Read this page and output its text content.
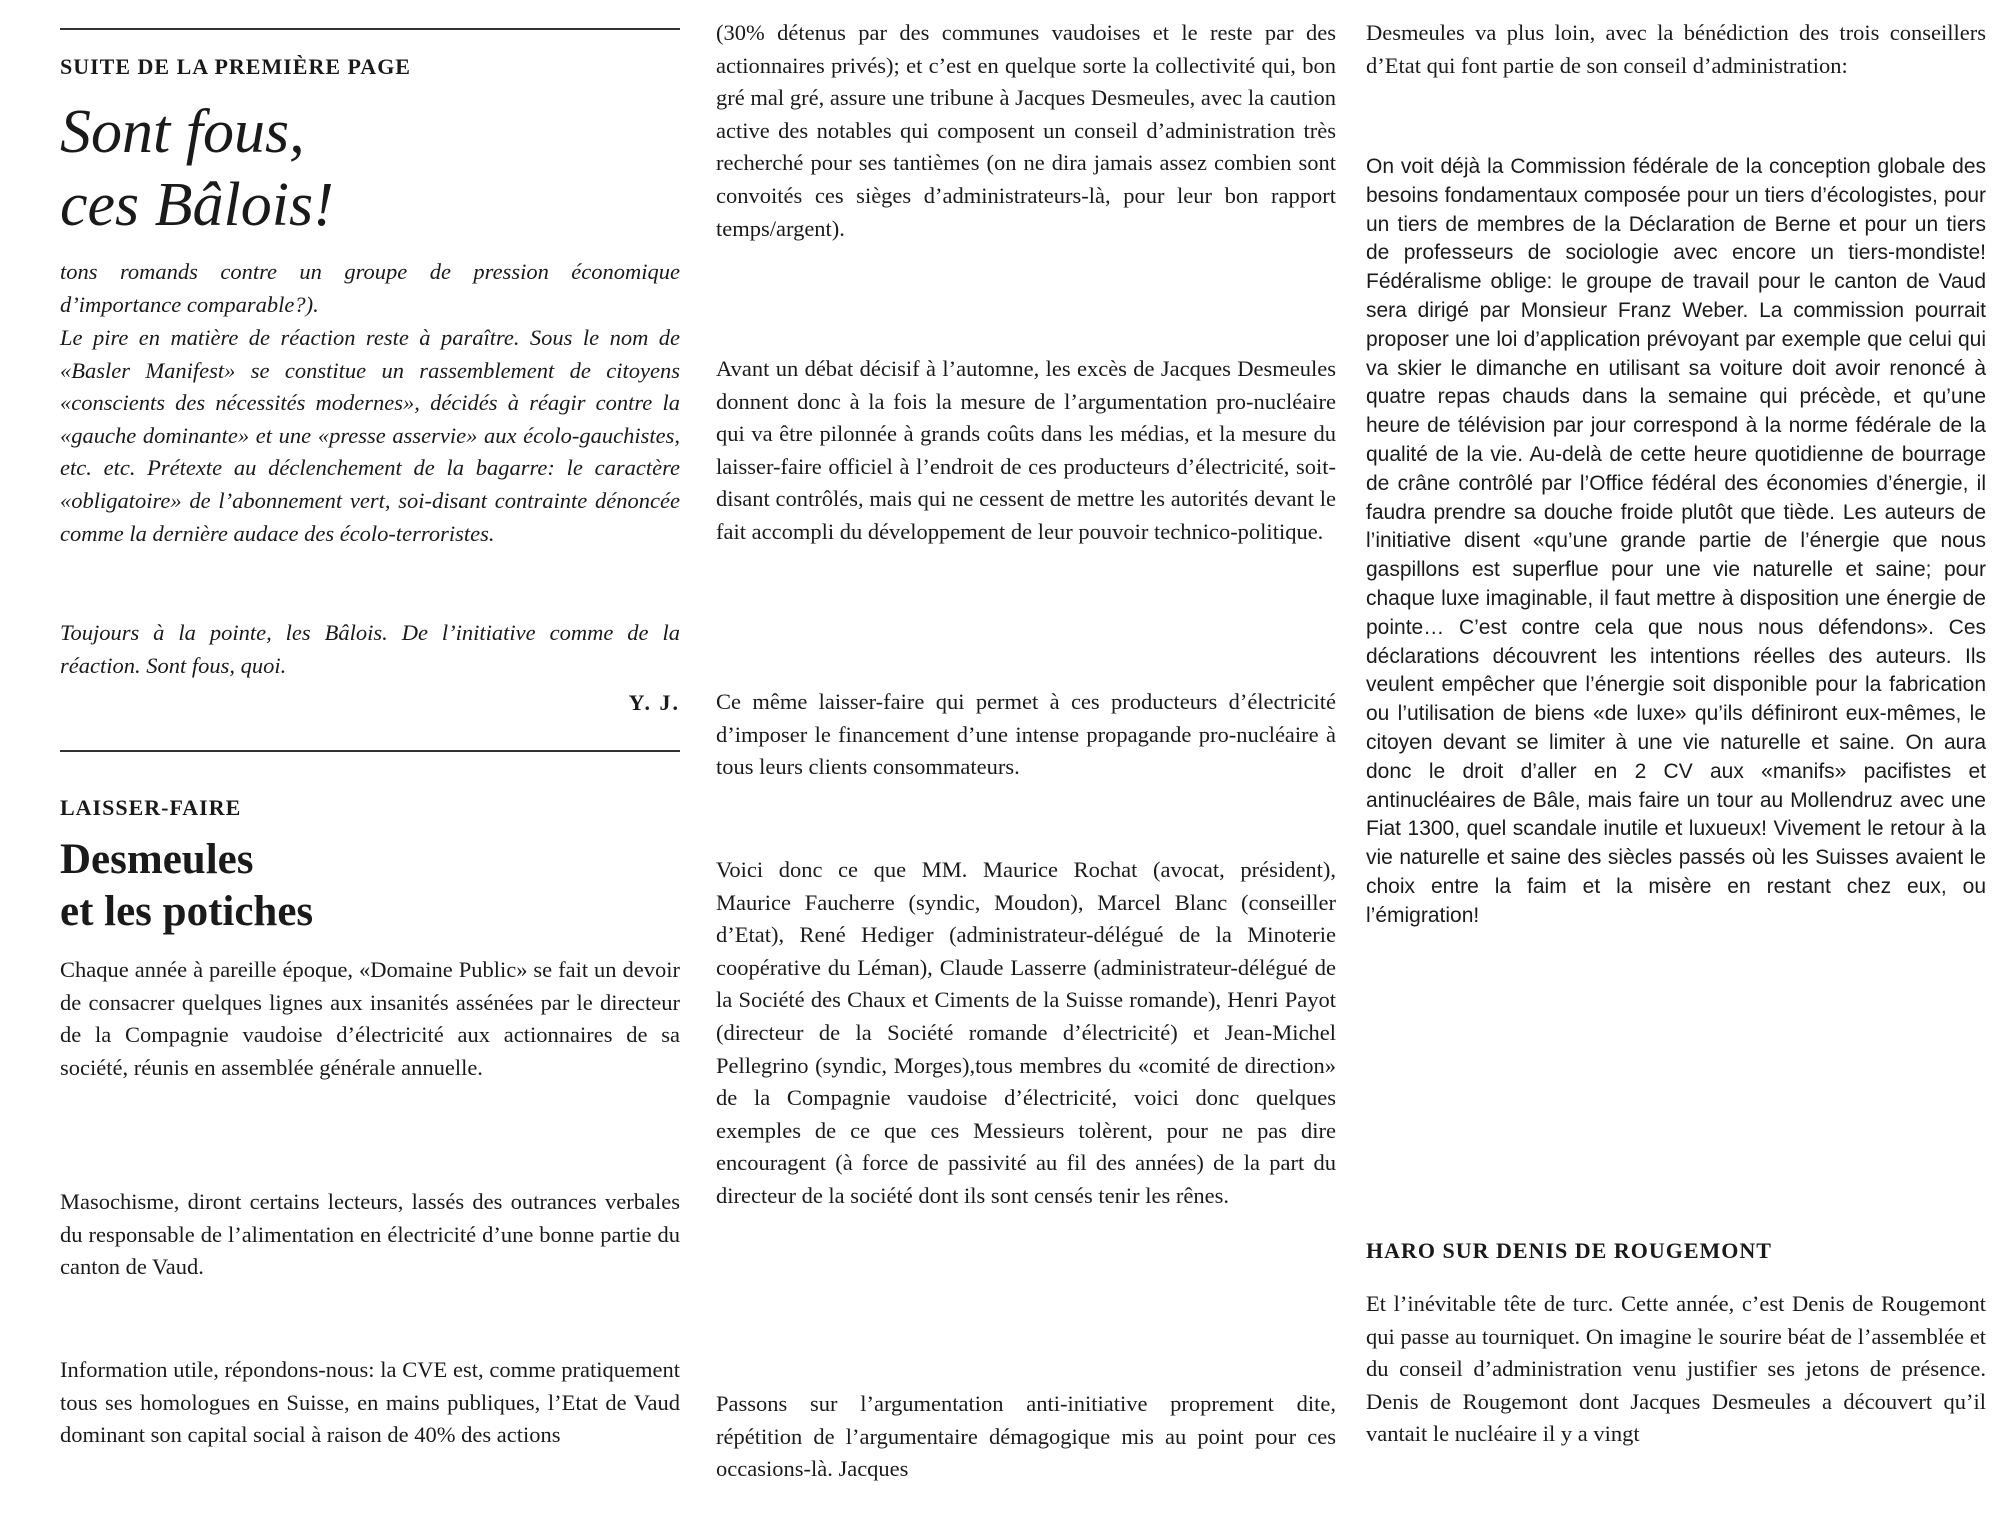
SUITE DE LA PREMIÈRE PAGE
Sont fous,
ces Bâlois!

tons romands contre un groupe de pression économique d’importance comparable?).

Le pire en matière de réaction reste à paraître. Sous le nom de «Basler Manifest» se constitue un rassemblement de citoyens «conscients des nécessités modernes», décidés à réagir contre la «gauche dominante» et une «presse asservie» aux écolo-gauchistes, etc. etc. Prétexte au déclenchement de la bagarre: le caractère «obligatoire» de l’abonnement vert, soi-disant contrainte dénoncée comme la dernière audace des écolo-terroristes.

Toujours à la pointe, les Bâlois. De l’initiative comme de la réaction. Sont fous, quoi.

Y. J.
LAISSER-FAIRE
Desmeules
et les potiches

Chaque année à pareille époque, «Domaine Public» se fait un devoir de consacrer quelques lignes aux insanités assénées par le directeur de la Compagnie vaudoise d’électricité aux actionnaires de sa société, réunis en assemblée générale annuelle.

Masochisme, diront certains lecteurs, lassés des outrances verbales du responsable de l’alimentation en électricité d’une bonne partie du canton de Vaud.

Information utile, répondons-nous: la CVE est, comme pratiquement tous ses homologues en Suisse, en mains publiques, l’Etat de Vaud dominant son capital social à raison de 40% des actions

(30% détenus par des communes vaudoises et le reste par des actionnaires privés); et c’est en quelque sorte la collectivité qui, bon gré mal gré, assure une tribune à Jacques Desmeules, avec la caution active des notables qui composent un conseil d’administration très recherché pour ses tantièmes (on ne dira jamais assez combien sont convoités ces sièges d’administrateurs-là, pour leur bon rapport temps/argent).

Avant un débat décisif à l’automne, les excès de Jacques Desmeules donnent donc à la fois la mesure de l’argumentation pro-nucléaire qui va être pilonnée à grands coûts dans les médias, et la mesure du laisser-faire officiel à l’endroit de ces producteurs d’électricité, soit-disant contrôlés, mais qui ne cessent de mettre les autorités devant le fait accompli du développement de leur pouvoir technico-politique.

Ce même laisser-faire qui permet à ces producteurs d’électricité d’imposer le financement d’une intense propagande pro-nucléaire à tous leurs clients consommateurs.

Voici donc ce que MM. Maurice Rochat (avocat, président), Maurice Faucherre (syndic, Moudon), Marcel Blanc (conseiller d’Etat), René Hediger (administrateur-délégué de la Minoterie coopérative du Léman), Claude Lasserre (administrateur-délégué de la Société des Chaux et Ciments de la Suisse romande), Henri Payot (directeur de la Société romande d’électricité) et Jean-Michel Pellegrino (syndic, Morges),tous membres du «comité de direction» de la Compagnie vaudoise d’électricité, voici donc quelques exemples de ce que ces Messieurs tolèrent, pour ne pas dire encouragent (à force de passivité au fil des années) de la part du directeur de la société dont ils sont censés tenir les rênes.

Passons sur l’argumentation anti-initiative proprement dite, répétition de l’argumentaire démagogique mis au point pour ces occasions-là. Jacques

Desmeules va plus loin, avec la bénédiction des trois conseillers d’Etat qui font partie de son conseil d’administration:

On voit déjà la Commission fédérale de la conception globale des besoins fondamentaux composée pour un tiers d’écologistes, pour un tiers de membres de la Déclaration de Berne et pour un tiers de professeurs de sociologie avec encore un tiers-mondiste! Fédéralisme oblige: le groupe de travail pour le canton de Vaud sera dirigé par Monsieur Franz Weber. La commission pourrait proposer une loi d’application prévoyant par exemple que celui qui va skier le dimanche en utilisant sa voiture doit avoir renoncé à quatre repas chauds dans la semaine qui précède, et qu’une heure de télévision par jour correspond à la norme fédérale de la qualité de la vie. Au-delà de cette heure quotidienne de bourrage de crâne contrôlé par l’Office fédéral des économies d’énergie, il faudra prendre sa douche froide plutôt que tiède. Les auteurs de l’initiative disent «qu’une grande partie de l’énergie que nous gaspillons est superflue pour une vie naturelle et saine; pour chaque luxe imaginable, il faut mettre à disposition une énergie de pointe… C’est contre cela que nous nous défendons». Ces déclarations découvrent les intentions réelles des auteurs. Ils veulent empêcher que l’énergie soit disponible pour la fabrication ou l’utilisation de biens «de luxe» qu’ils définiront eux-mêmes, le citoyen devant se limiter à une vie naturelle et saine. On aura donc le droit d’aller en 2 CV aux «manifs» pacifistes et antinucléaires de Bâle, mais faire un tour au Mollendruz avec une Fiat 1300, quel scandale inutile et luxueux! Vivement le retour à la vie naturelle et saine des siècles passés où les Suisses avaient le choix entre la faim et la misère en restant chez eux, ou l’émigration!

HARO SUR DENIS DE ROUGEMONT

Et l’inévitable tête de turc. Cette année, c’est Denis de Rougemont qui passe au tourniquet. On imagine le sourire béat de l’assemblée et du conseil d’administration venu justifier ses jetons de présence. Denis de Rougemont dont Jacques Desmeules a découvert qu’il vantait le nucléaire il y a vingt
